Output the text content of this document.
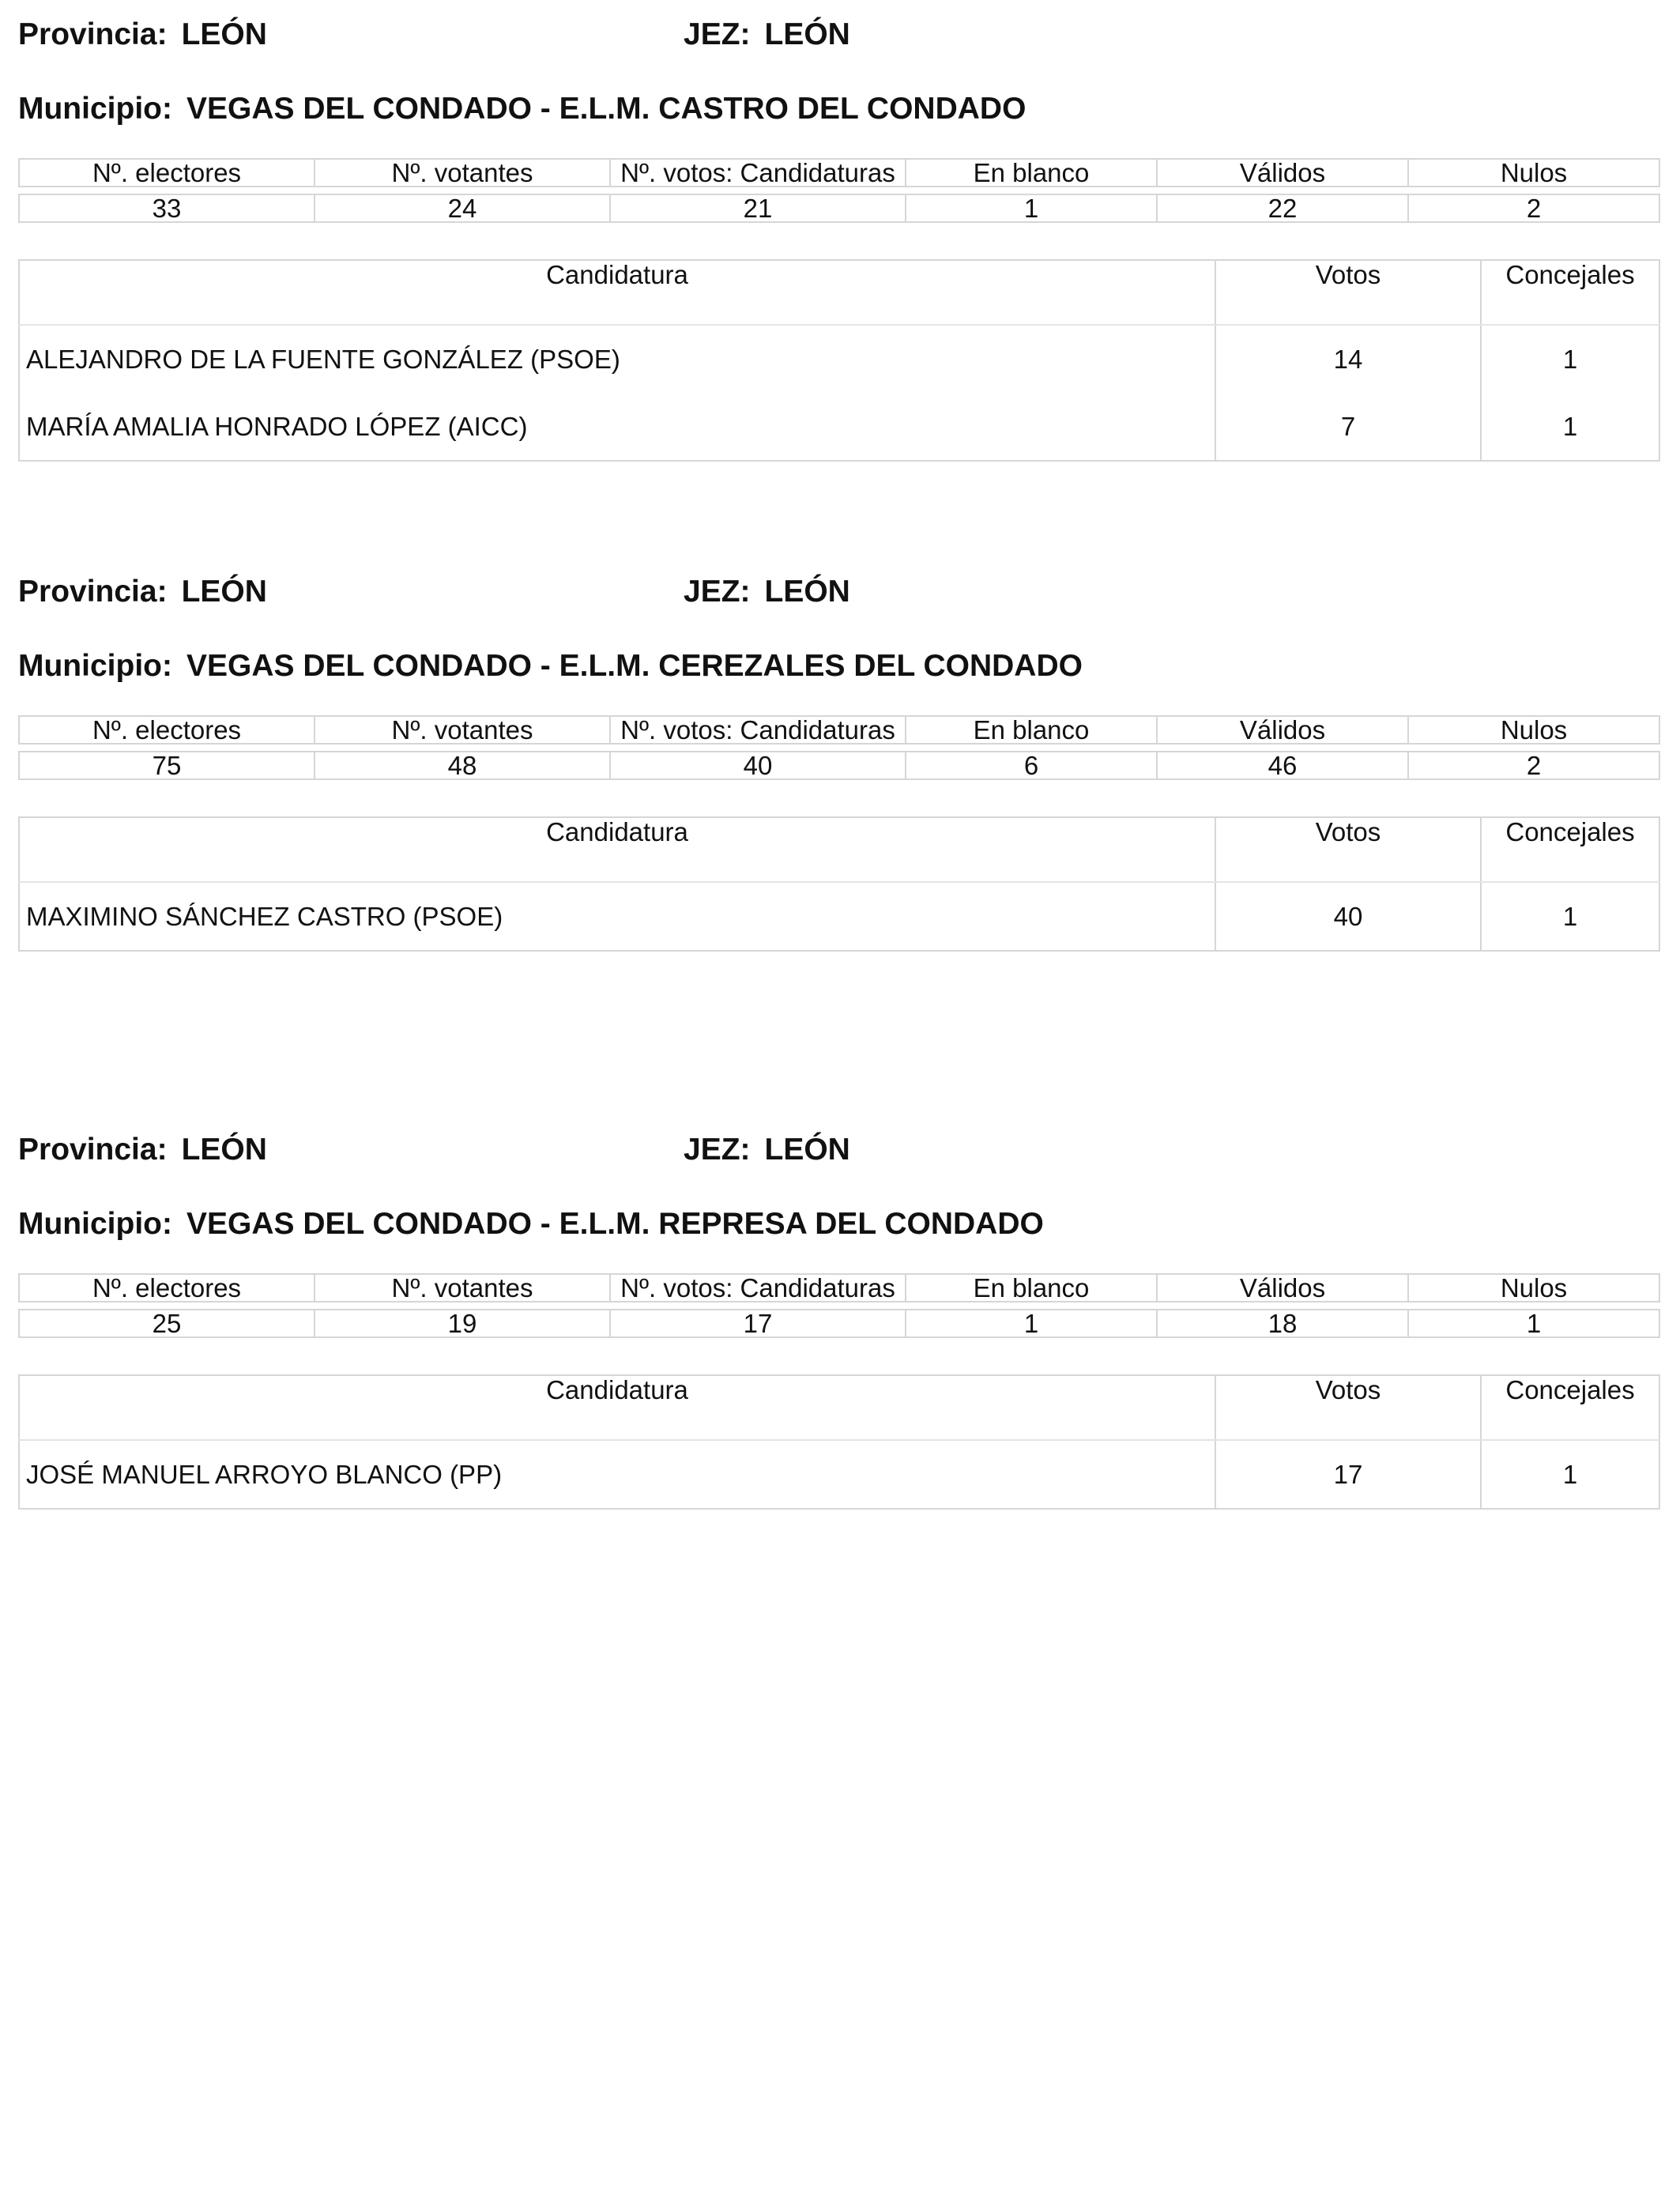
Provincia: LEÓN	JEZ: LEÓN
Municipio: VEGAS DEL CONDADO - E.L.M. CASTRO DEL CONDADO
Nº. electores	Nº. votantes	Nº. votos: Candidaturas	En blanco	Válidos	Nulos

33	24	21	1	22	2
Candidatura	Votos	Concejales
ALEJANDRO DE LA FUENTE GONZÁLEZ (PSOE)	14	1
MARÍA AMALIA HONRADO LÓPEZ (AICC)	7	1
Provincia: LEÓN	JEZ: LEÓN
Municipio: VEGAS DEL CONDADO - E.L.M. CEREZALES DEL CONDADO
Nº. electores	Nº. votantes	Nº. votos: Candidaturas	En blanco	Válidos	Nulos

75	48	40	6	46	2
Candidatura	Votos	Concejales
MAXIMINO SÁNCHEZ CASTRO (PSOE)	40	1
Provincia: LEÓN	JEZ: LEÓN
Municipio: VEGAS DEL CONDADO - E.L.M. REPRESA DEL CONDADO
Nº. electores	Nº. votantes	Nº. votos: Candidaturas	En blanco	Válidos	Nulos

25	19	17	1	18	1
Candidatura	Votos	Concejales
JOSÉ MANUEL ARROYO BLANCO (PP)	17	1
